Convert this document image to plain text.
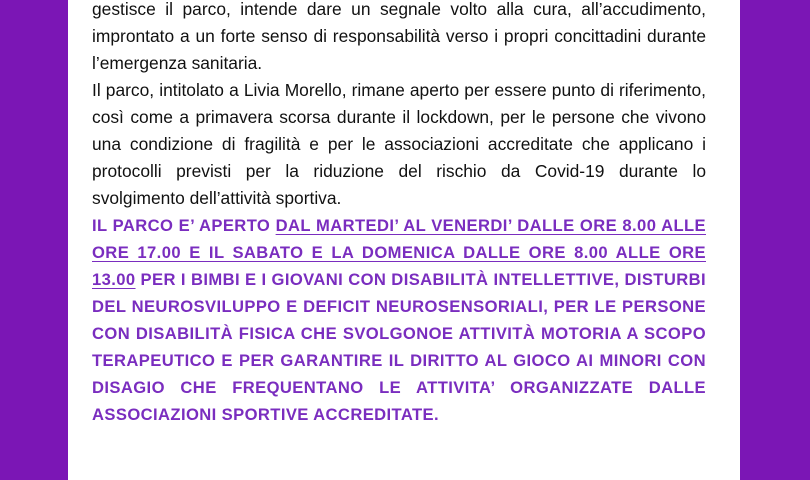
gestisce il parco, intende dare un segnale volto alla cura, all’accudimento, improntato a un forte senso di responsabilità verso i propri concittadini durante l’emergenza sanitaria.

Il parco, intitolato a Livia Morello, rimane aperto per essere punto di riferimento, così come a primavera scorsa durante il lockdown, per le persone che vivono una condizione di fragilità e per le associazioni accreditate che applicano i protocolli previsti per la riduzione del rischio da Covid-19 durante lo svolgimento dell’attività sportiva.

IL PARCO E’ APERTO DAL MARTEDI’ AL VENERDI’ DALLE ORE 8.00 ALLE ORE 17.00 E IL SABATO E LA DOMENICA DALLE ORE 8.00 ALLE ORE 13.00 PER I BIMBI E I GIOVANI CON DISABILITÀ INTELLETTIVE, DISTURBI DEL NEUROSVILUPPO E DEFICIT NEUROSENSORIALI, PER LE PERSONE CON DISABILITÀ FISICA CHE SVOLGONOE ATTIVITÀ MOTORIA A SCOPO TERAPEUTICO E PER GARANTIRE IL DIRITTO AL GIOCO AI MINORI CON DISAGIO CHE FREQUENTANO LE ATTIVITA’ ORGANIZZATE DALLE ASSOCIAZIONI SPORTIVE ACCREDITATE.
